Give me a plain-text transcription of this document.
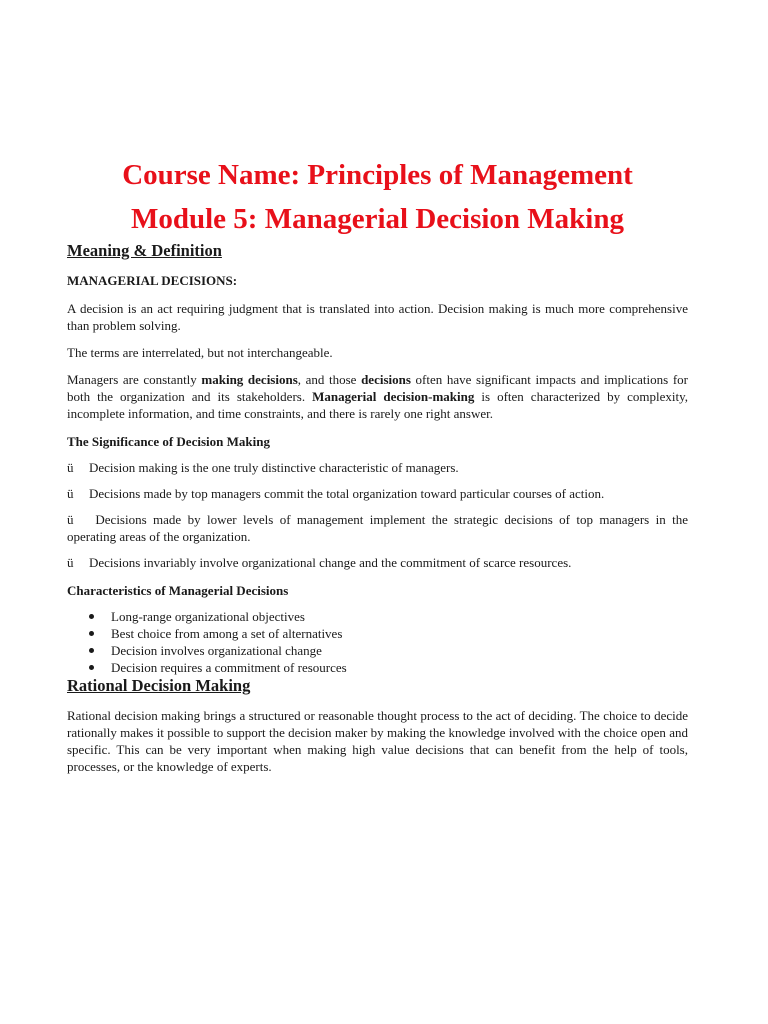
Course Name: Principles of Management
Module 5: Managerial Decision Making
Meaning & Definition

MANAGERIAL DECISIONS:

A decision is an act requiring judgment that is translated into action. Decision making is much more comprehensive than problem solving.

The terms are interrelated, but not interchangeable.

Managers are constantly making decisions, and those decisions often have significant impacts and implications for both the organization and its stakeholders. Managerial decision-making is often characterized by complexity, incomplete information, and time constraints, and there is rarely one right answer.

The Significance of Decision Making

ü Decision making is the one truly distinctive characteristic of managers.

ü Decisions made by top managers commit the total organization toward particular courses of action.

ü Decisions made by lower levels of management implement the strategic decisions of top managers in the operating areas of the organization.

ü Decisions invariably involve organizational change and the commitment of scarce resources.

Characteristics of Managerial Decisions

Long-range organizational objectives
Best choice from among a set of alternatives
Decision involves organizational change
Decision requires a commitment of resources
Rational Decision Making

Rational decision making brings a structured or reasonable thought process to the act of deciding. The choice to decide rationally makes it possible to support the decision maker by making the knowledge involved with the choice open and specific. This can be very important when making high value decisions that can benefit from the help of tools, processes, or the knowledge of experts.
